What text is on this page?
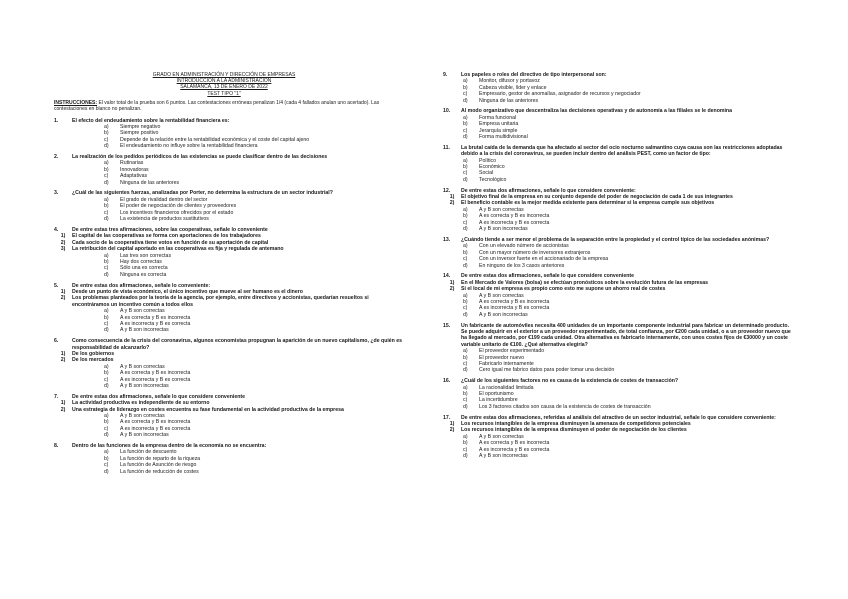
GRADO EN ADMINISTRACIÓN Y DIRECCIÓN DE EMPRESAS
INTRODUCCIÓN A LA ADMINISTRACIÓN
SALAMANCA, 13 DE ENERO DE 2022
TEST TIPO "1"
INSTRUCCIONES: El valor total de la prueba son 6 puntos. Las contestaciones erróneas penalizan 1/4 (cada 4 fallados anulan uno acertado). Las contestaciones en blanco no penalizan.
1.	El efecto del endeudamiento sobre la rentabilidad financiera es:
a)	Siempre negativo
b)	Siempre positivo
c)	Depende de la relación entre la rentabilidad económica y el coste del capital ajeno
d)	El endeudamiento no influye sobre la rentabilidad financiera
2.	La realización de los pedidos periódicos de las existencias se puede clasificar dentro de las decisiones
a)	Rutinarias
b)	Innovadoras
c)	Adaptativas
d)	Ninguna de las anteriores
3.	¿Cuál de las siguientes fuerzas, analizadas por Porter, no determina la estructura de un sector industrial?
a)	El grado de rivalidad dentro del sector
b)	El poder de negociación de clientes y proveedores
c)	Los incentivos financieros ofrecidos por el estado
d)	La existencia de productos sustitutivos
4.	De entre estas tres afirmaciones, sobre las cooperativas, señale lo conveniente
1)	El capital de las cooperativas se forma con aportaciones de los trabajadores
2)	Cada socio de la cooperativa tiene votos en función de su aportación de capital
3)	La retribución del capital aportado en las cooperativas es fija y regulada de antemano
a)	Las tres son correctas
b)	Hay dos correctas
c)	Sólo una es correcta
d)	Ninguna es correcta
5.	De entre estas dos afirmaciones, señale lo conveniente:
1)	Desde un punto de vista económico, el único incentivo que mueve al ser humano es el dinero
2)	Los problemas planteados por la teoría de la agencia, por ejemplo, entre directivos y accionistas, quedarían resueltos si encontráramos un incentivo común a todos ellos
a)	A y B son correctas
b)	A es correcta y B es incorrecta
c)	A es incorrecta y B es correcta
d)	A y B son incorrectas
6.	Como consecuencia de la crisis del coronavirus, algunos economistas propugnan la aparición de un nuevo capitalismo, ¿de quién es responsabilidad de alcanzarlo?
1)	De los gobiernos
2)	De los mercados
a)	A y B son correctas
b)	A es correcta y B es incorrecta
c)	A es incorrecta y B es correcta
d)	A y B son incorrectas
7.	De entre estas dos afirmaciones, señale lo que considere conveniente
1)	La actividad productiva es independiente de su entorno
2)	Una estrategia de liderazgo en costes encuentra su fase fundamental en la actividad productiva de la empresa
a)	A y B son correctas
b)	A es correcta y B es incorrecta
c)	A es incorrecta y B es correcta
d)	A y B son incorrectas
8.	Dentro de las funciones de la empresa dentro de la economía no se encuentra:
a)	La función de descuento
b)	La función de reparto de la riqueza
c)	La función de Asunción de riesgo
d)	La función de reducción de costes
9.	Los papeles o roles del directivo de tipo interpersonal son:
a)	Monitor, difusor y portavoz
b)	Cabeza visible, líder y enlace
c)	Empresario, gestor de anomalías, asignador de recursos y negociador
d)	Ninguna de las anteriores
10.	Al modo organizativo que descentraliza las decisiones operativas y de autonomía a las filiales se le denomina
a)	Forma funcional
b)	Empresa unitaria
c)	Jerarquía simple
d)	Forma multidivisional
11.	La brutal caída de la demanda que ha afectado al sector del ocio nocturno salmantino cuya causa son las restricciones adoptadas debido a la crisis del coronavirus, se pueden incluir dentro del análisis PEST, como un factor de tipo:
a)	Político
b)	Económico
c)	Social
d)	Tecnológico
12.	De entre estas dos afirmaciones, señale lo que considere conveniente:
1)	El objetivo final de la empresa en su conjunto depende del poder de negociación de cada 1 de sus integrantes
2)	El beneficio contable es la mejor medida existente para determinar si la empresa cumple sus objetivos
a)	A y B son correctas
b)	A es correcta y B es incorrecta
c)	A es incorrecta y B es correcta
d)	A y B son incorrectas
13.	¿Cuándo tiende a ser menor el problema de la separación entre la propiedad y el control típico de las sociedades anónimas?
a)	Con un elevado número de accionistas
b)	Con un mayor número de inversores extranjeros
c)	Con un inversor fuerte en el accionariado de la empresa
d)	En ninguno de los 3 casos anteriores
14.	De entre estas dos afirmaciones, señale lo que considere conveniente
1)	En el Mercado de Valores (bolsa) se efectúan pronósticos sobre la evolución futura de las empresas
2)	Si el local de mi empresa es propio como esto me supone un ahorro real de costes
a)	A y B son correctas
b)	A es correcta y B es incorrecta
c)	A es incorrecta y B es correcta
d)	A y B son incorrectas
15.	Un fabricante de automóviles necesita 400 unidades de un importante componente industrial para fabricar un determinado producto. Se puede adquirir en el exterior a un proveedor experimentado, de total confianza, por €200 cada unidad, o a un proveedor nuevo que ha llegado al mercado, por €199 cada unidad. Otra alternativa es fabricarlo internamente, con unos costes fijos de €30000 y un coste variable unitario de €100. ¿Qué alternativa elegiría?
a)	El proveedor experimentado
b)	El proveedor nuevo
c)	Fabricarlo internamente
d)	Cero igual me fabrico datos para poder tomar una decisión
16.	¿Cuál de los siguientes factores no es causa de la existencia de costes de transacción?
a)	La racionalidad limitada
b)	El oportunismo
c)	La incertidumbre
d)	Los 3 factores citados son causa de la existencia de costes de transacción
17.	De entre estas dos afirmaciones, referidas al análisis del atractivo de un sector industrial, señale lo que considere conveniente:
1)	Los recursos intangibles de la empresa disminuyen la amenaza de competidores potenciales
2)	Los recursos intangibles de la empresa disminuyen el poder de negociación de los clientes
a)	A y B son correctas
b)	A es correcta y B es incorrecta
c)	A es incorrecta y B es correcta
d)	A y B son incorrectas
